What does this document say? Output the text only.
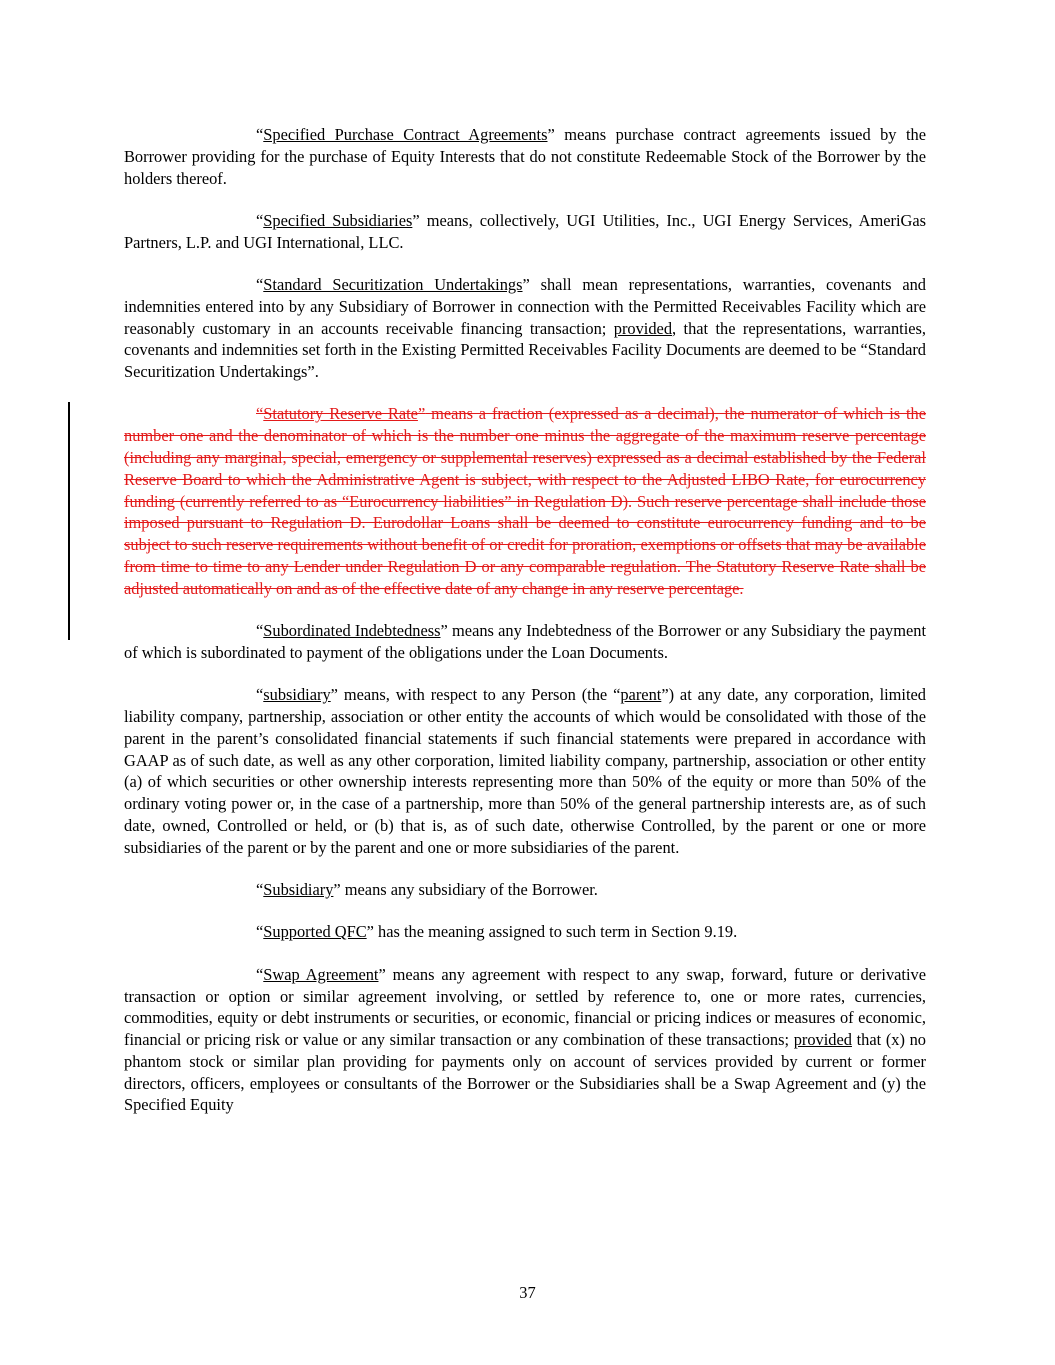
“Specified Purchase Contract Agreements” means purchase contract agreements issued by the Borrower providing for the purchase of Equity Interests that do not constitute Redeemable Stock of the Borrower by the holders thereof.

“Specified Subsidiaries” means, collectively, UGI Utilities, Inc., UGI Energy Services, AmeriGas Partners, L.P. and UGI International, LLC.

“Standard Securitization Undertakings” shall mean representations, warranties, covenants and indemnities entered into by any Subsidiary of Borrower in connection with the Permitted Receivables Facility which are reasonably customary in an accounts receivable financing transaction; provided, that the representations, warranties, covenants and indemnities set forth in the Existing Permitted Receivables Facility Documents are deemed to be “Standard Securitization Undertakings”.

“Statutory Reserve Rate” means a fraction (expressed as a decimal), the numerator of which is the number one and the denominator of which is the number one minus the aggregate of the maximum reserve percentage (including any marginal, special, emergency or supplemental reserves) expressed as a decimal established by the Federal Reserve Board to which the Administrative Agent is subject, with respect to the Adjusted LIBO Rate, for eurocurrency funding (currently referred to as “Eurocurrency liabilities” in Regulation D). Such reserve percentage shall include those imposed pursuant to Regulation D. Eurodollar Loans shall be deemed to constitute eurocurrency funding and to be subject to such reserve requirements without benefit of or credit for proration, exemptions or offsets that may be available from time to time to any Lender under Regulation D or any comparable regulation. The Statutory Reserve Rate shall be adjusted automatically on and as of the effective date of any change in any reserve percentage.

“Subordinated Indebtedness” means any Indebtedness of the Borrower or any Subsidiary the payment of which is subordinated to payment of the obligations under the Loan Documents.

“subsidiary” means, with respect to any Person (the “parent”) at any date, any corporation, limited liability company, partnership, association or other entity the accounts of which would be consolidated with those of the parent in the parent’s consolidated financial statements if such financial statements were prepared in accordance with GAAP as of such date, as well as any other corporation, limited liability company, partnership, association or other entity (a) of which securities or other ownership interests representing more than 50% of the equity or more than 50% of the ordinary voting power or, in the case of a partnership, more than 50% of the general partnership interests are, as of such date, owned, Controlled or held, or (b) that is, as of such date, otherwise Controlled, by the parent or one or more subsidiaries of the parent or by the parent and one or more subsidiaries of the parent.

“Subsidiary” means any subsidiary of the Borrower.

“Supported QFC” has the meaning assigned to such term in Section 9.19.

“Swap Agreement” means any agreement with respect to any swap, forward, future or derivative transaction or option or similar agreement involving, or settled by reference to, one or more rates, currencies, commodities, equity or debt instruments or securities, or economic, financial or pricing indices or measures of economic, financial or pricing risk or value or any similar transaction or any combination of these transactions; provided that (x) no phantom stock or similar plan providing for payments only on account of services provided by current or former directors, officers, employees or consultants of the Borrower or the Subsidiaries shall be a Swap Agreement and (y) the Specified Equity

37
